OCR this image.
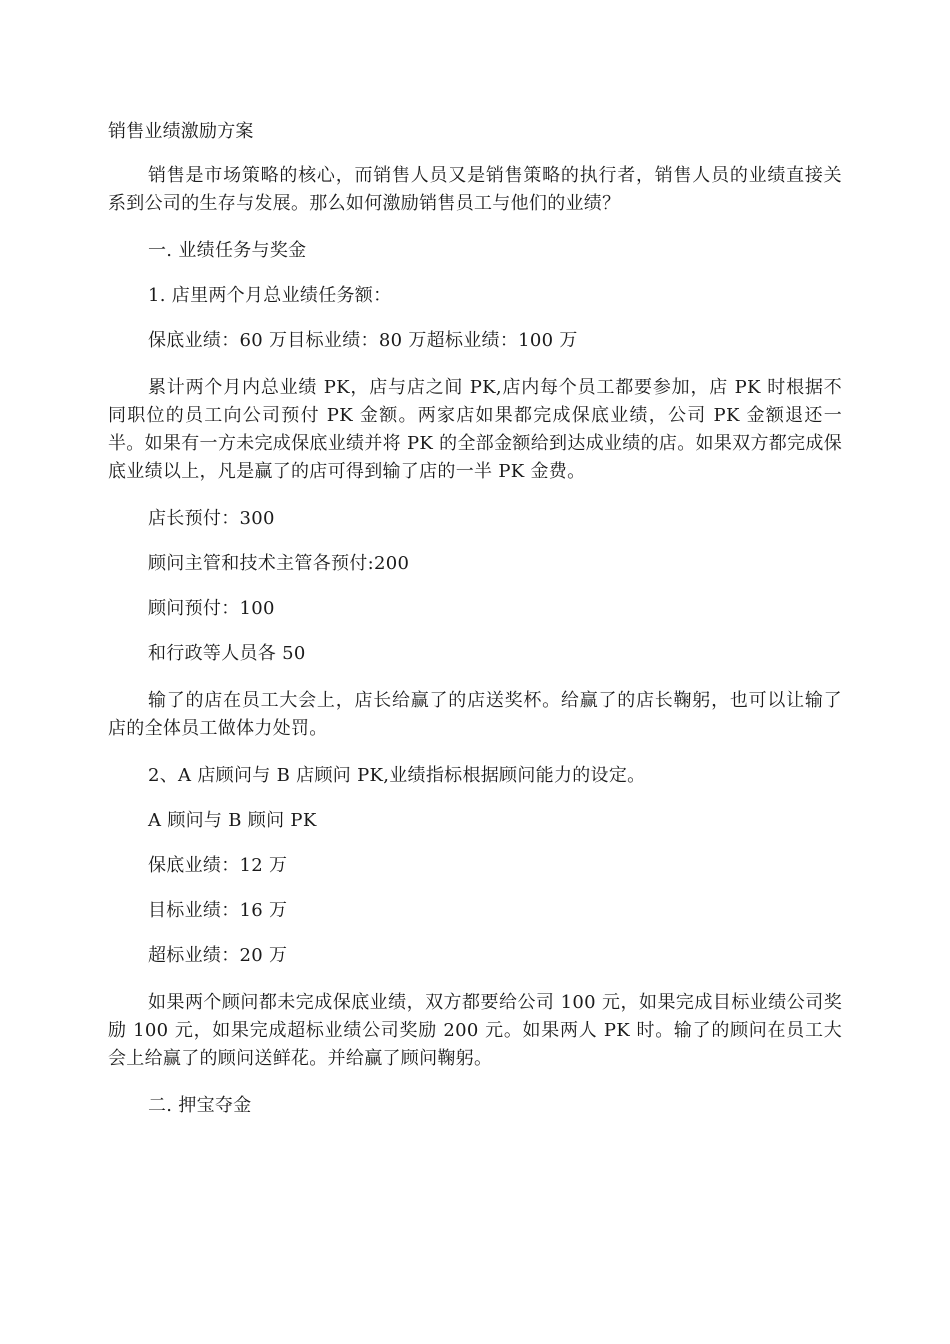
销售业绩激励方案

销售是市场策略的核心，而销售人员又是销售策略的执行者，销售人员的业绩直接关系到公司的生存与发展。那么如何激励销售员工与他们的业绩？

一. 业绩任务与奖金

1. 店里两个月总业绩任务额：

保底业绩：60 万目标业绩：80 万超标业绩：100 万

累计两个月内总业绩 PK，店与店之间 PK,店内每个员工都要参加，店 PK 时根据不同职位的员工向公司预付 PK 金额。两家店如果都完成保底业绩，公司 PK 金额退还一半。如果有一方未完成保底业绩并将 PK 的全部金额给到达成业绩的店。如果双方都完成保底业绩以上，凡是赢了的店可得到输了店的一半 PK 金费。

店长预付：300

顾问主管和技术主管各预付:200

顾问预付：100

和行政等人员各 50

输了的店在员工大会上，店长给赢了的店送奖杯。给赢了的店长鞠躬，也可以让输了店的全体员工做体力处罚。

2、A 店顾问与 B 店顾问 PK,业绩指标根据顾问能力的设定。

A 顾问与 B 顾问 PK

保底业绩：12 万

目标业绩：16 万

超标业绩：20 万

如果两个顾问都未完成保底业绩，双方都要给公司 100 元，如果完成目标业绩公司奖励 100 元，如果完成超标业绩公司奖励 200 元。如果两人 PK 时。输了的顾问在员工大会上给赢了的顾问送鲜花。并给赢了顾问鞠躬。

二. 押宝夺金
